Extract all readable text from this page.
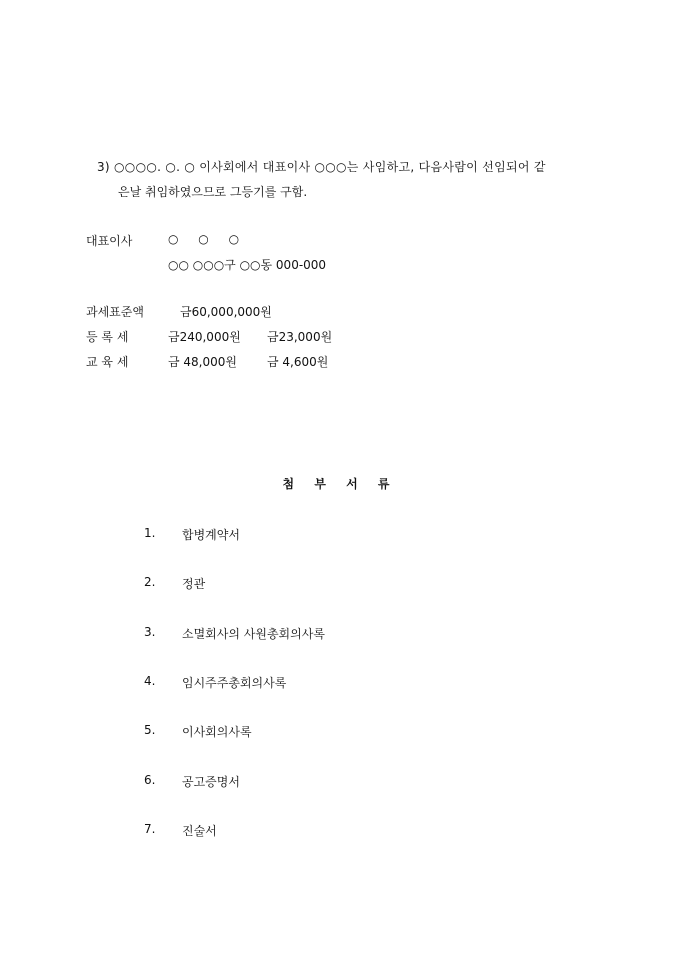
3) ○○○○. ○. ○ 이사회에서 대표이사 ○○○는 사임하고, 다음사람이 선임되어 같
은날 취임하였으므로 그등기를 구함.
대표이사	○ ○ ○
○○ ○○○구 ○○동 000-000
과세표준액	금60,000,000원
등 록 세	금240,000원 금23,000원
교 육 세	금 48,000원	금 4,600원
첨 부 서 류
1. 합병계약서
2. 정관
3. 소멸회사의 사원총회의사록
4. 임시주주총회의사록
5. 이사회의사록
6. 공고증명서
7. 진술서
